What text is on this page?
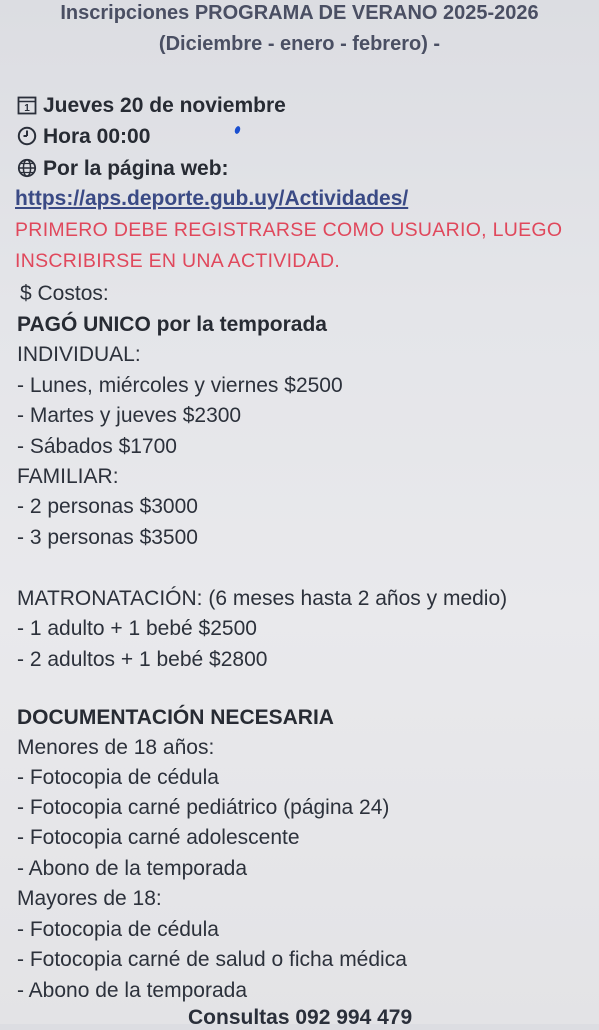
Inscripciones PROGRAMA DE VERANO 2025-2026
(Diciembre - enero - febrero) -
1 Jueves 20 de noviembre
Hora 00:00
Por la página web:
https://aps.deporte.gub.uy/Actividades/
PRIMERO DEBE REGISTRARSE COMO USUARIO, LUEGO
INSCRIBIRSE EN UNA ACTIVIDAD.
$ Costos:
PAGÓ UNICO por la temporada
INDIVIDUAL:
- Lunes, miércoles y viernes $2500
- Martes y jueves $2300
- Sábados $1700
FAMILIAR:
- 2 personas $3000
- 3 personas $3500
MATRONATACIÓN: (6 meses hasta 2 años y medio)
- 1 adulto + 1 bebé $2500
- 2 adultos + 1 bebé $2800
DOCUMENTACIÓN NECESARIA
Menores de 18 años:
- Fotocopia de cédula
- Fotocopia carné pediátrico (página 24)
- Fotocopia carné adolescente
- Abono de la temporada
Mayores de 18:
- Fotocopia de cédula
- Fotocopia carné de salud o ficha médica
- Abono de la temporada
Consultas 092 994 479
